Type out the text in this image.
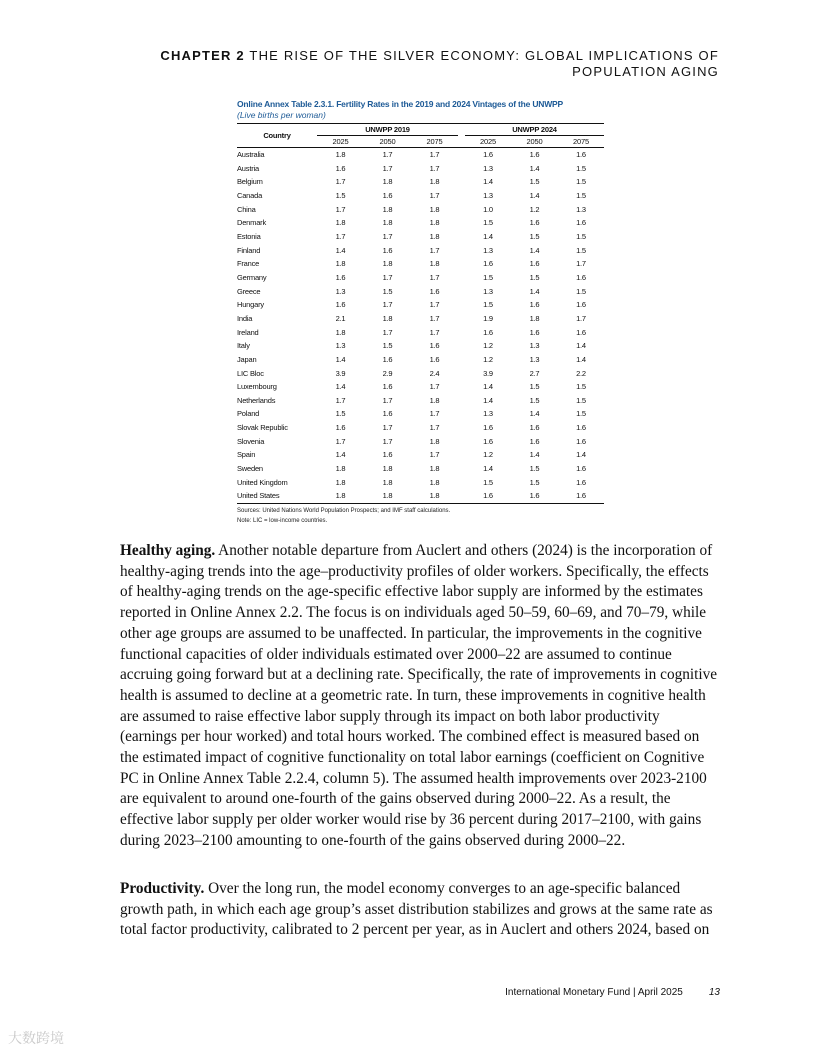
CHAPTER 2 THE RISE OF THE SILVER ECONOMY: GLOBAL IMPLICATIONS OF
POPULATION AGING
Online Annex Table 2.3.1. Fertility Rates in the 2019 and 2024 Vintages of the UNWPP
(Live births per woman)
Country	UNWPP 2019				UNWPP 2024		
	2025	2050	2075		2025	2050	2075
Australia	1.8	1.7	1.7		1.6	1.6	1.6
Austria	1.6	1.7	1.7		1.3	1.4	1.5
Belgium	1.7	1.8	1.8		1.4	1.5	1.5
Canada	1.5	1.6	1.7		1.3	1.4	1.5
China	1.7	1.8	1.8		1.0	1.2	1.3
Denmark	1.8	1.8	1.8		1.5	1.6	1.6
Estonia	1.7	1.7	1.8		1.4	1.5	1.5
Finland	1.4	1.6	1.7		1.3	1.4	1.5
France	1.8	1.8	1.8		1.6	1.6	1.7
Germany	1.6	1.7	1.7		1.5	1.5	1.6
Greece	1.3	1.5	1.6		1.3	1.4	1.5
Hungary	1.6	1.7	1.7		1.5	1.6	1.6
India	2.1	1.8	1.7		1.9	1.8	1.7
Ireland	1.8	1.7	1.7		1.6	1.6	1.6
Italy	1.3	1.5	1.6		1.2	1.3	1.4
Japan	1.4	1.6	1.6		1.2	1.3	1.4
LIC Bloc	3.9	2.9	2.4		3.9	2.7	2.2
Luxembourg	1.4	1.6	1.7		1.4	1.5	1.5
Netherlands	1.7	1.7	1.8		1.4	1.5	1.5
Poland	1.5	1.6	1.7		1.3	1.4	1.5
Slovak Republic	1.6	1.7	1.7		1.6	1.6	1.6
Slovenia	1.7	1.7	1.8		1.6	1.6	1.6
Spain	1.4	1.6	1.7		1.2	1.4	1.4
Sweden	1.8	1.8	1.8		1.4	1.5	1.6
United Kingdom	1.8	1.8	1.8		1.5	1.5	1.6
United States	1.8	1.8	1.8		1.6	1.6	1.6
Sources: United Nations World Population Prospects; and IMF staff calculations.
Note: LIC = low-income countries.

Healthy aging. Another notable departure from Auclert and others (2024) is the incorporation of healthy-aging trends into the age–productivity profiles of older workers. Specifically, the effects of healthy-aging trends on the age-specific effective labor supply are informed by the estimates reported in Online Annex 2.2. The focus is on individuals aged 50–59, 60–69, and 70–79, while other age groups are assumed to be unaffected. In particular, the improvements in the cognitive functional capacities of older individuals estimated over 2000–22 are assumed to continue accruing going forward but at a declining rate. Specifically, the rate of improvements in cognitive health is assumed to decline at a geometric rate. In turn, these improvements in cognitive health are assumed to raise effective labor supply through its impact on both labor productivity (earnings per hour worked) and total hours worked. The combined effect is measured based on the estimated impact of cognitive functionality on total labor earnings (coefficient on Cognitive PC in Online Annex Table 2.2.4, column 5). The assumed health improvements over 2023-2100 are equivalent to around one-fourth of the gains observed during 2000–22. As a result, the effective labor supply per older worker would rise by 36 percent during 2017–2100, with gains during 2023–2100 amounting to one-fourth of the gains observed during 2000–22.

Productivity. Over the long run, the model economy converges to an age-specific balanced growth path, in which each age group’s asset distribution stabilizes and grows at the same rate as total factor productivity, calibrated to 2 percent per year, as in Auclert and others 2024, based on

International Monetary Fund | April 2025	13
大数跨境
